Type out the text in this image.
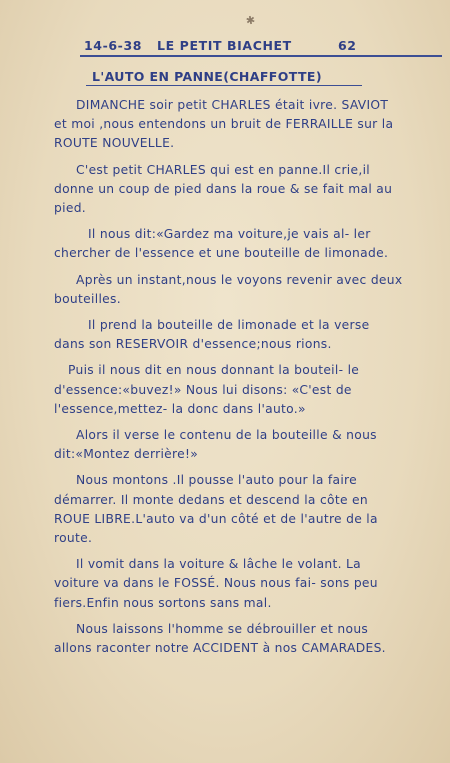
✱
14-6-38 LE PETIT BIACHET	62
L'AUTO EN PANNE(CHAFFOTTE)

DIMANCHE soir petit CHARLES était ivre. SAVIOT et moi ,nous entendons un bruit de FERRAILLE sur la ROUTE NOUVELLE.

C'est petit CHARLES qui est en panne.Il crie,il donne un coup de pied dans la roue & se fait mal au pied.

Il nous dit:«Gardez ma voiture,je vais al- ler chercher de l'essence et une bouteille de limonade.

Après un instant,nous le voyons revenir avec deux bouteilles.

Il prend la bouteille de limonade et la verse dans son RESERVOIR d'essence;nous rions.

Puis il nous dit en nous donnant la bouteil- le d'essence:«buvez!» Nous lui disons: «C'est de l'essence,mettez- la donc dans l'auto.»

Alors il verse le contenu de la bouteille & nous dit:«Montez derrière!»

Nous montons .Il pousse l'auto pour la faire démarrer. Il monte dedans et descend la côte en ROUE LIBRE.L'auto va d'un côté et de l'autre de la route.

Il vomit dans la voiture & lâche le volant. La voiture va dans le FOSSÉ. Nous nous fai- sons peu fiers.Enfin nous sortons sans mal.

Nous laissons l'homme se débrouiller et nous allons raconter notre ACCIDENT à nos CAMARADES.
